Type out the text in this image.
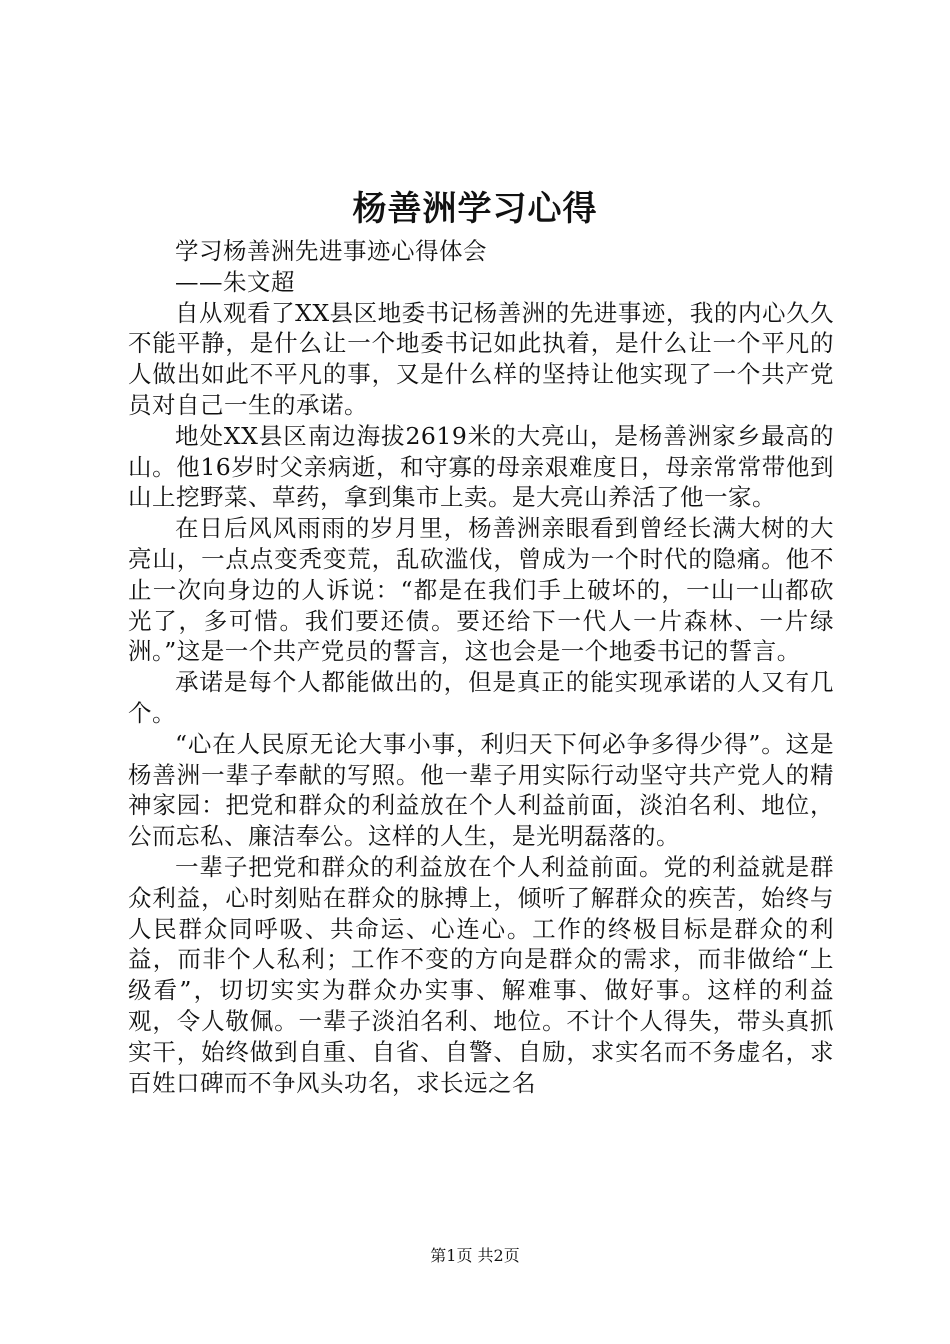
杨善洲学习心得

学习杨善洲先进事迹心得体会

——朱文超

自从观看了XX县区地委书记杨善洲的先进事迹，我的内心久久不能平静，是什么让一个地委书记如此执着，是什么让一个平凡的人做出如此不平凡的事，又是什么样的坚持让他实现了一个共产党员对自己一生的承诺。

地处XX县区南边海拔2619米的大亮山，是杨善洲家乡最高的山。他16岁时父亲病逝，和守寡的母亲艰难度日，母亲常常带他到山上挖野菜、草药，拿到集市上卖。是大亮山养活了他一家。

在日后风风雨雨的岁月里，杨善洲亲眼看到曾经长满大树的大亮山，一点点变秃变荒，乱砍滥伐，曾成为一个时代的隐痛。他不止一次向身边的人诉说：“都是在我们手上破坏的，一山一山都砍光了，多可惜。我们要还债。要还给下一代人一片森林、一片绿洲。”这是一个共产党员的誓言，这也会是一个地委书记的誓言。

承诺是每个人都能做出的，但是真正的能实现承诺的人又有几个。

“心在人民原无论大事小事，利归天下何必争多得少得”。这是杨善洲一辈子奉献的写照。他一辈子用实际行动坚守共产党人的精神家园：把党和群众的利益放在个人利益前面，淡泊名利、地位，公而忘私、廉洁奉公。这样的人生，是光明磊落的。

一辈子把党和群众的利益放在个人利益前面。党的利益就是群众利益，心时刻贴在群众的脉搏上，倾听了解群众的疾苦，始终与人民群众同呼吸、共命运、心连心。工作的终极目标是群众的利益，而非个人私利；工作不变的方向是群众的需求，而非做给“上级看”，切切实实为群众办实事、解难事、做好事。这样的利益观，令人敬佩。一辈子淡泊名利、地位。不计个人得失，带头真抓实干，始终做到自重、自省、自警、自励，求实名而不务虚名，求百姓口碑而不争风头功名，求长远之名

第1页 共2页
